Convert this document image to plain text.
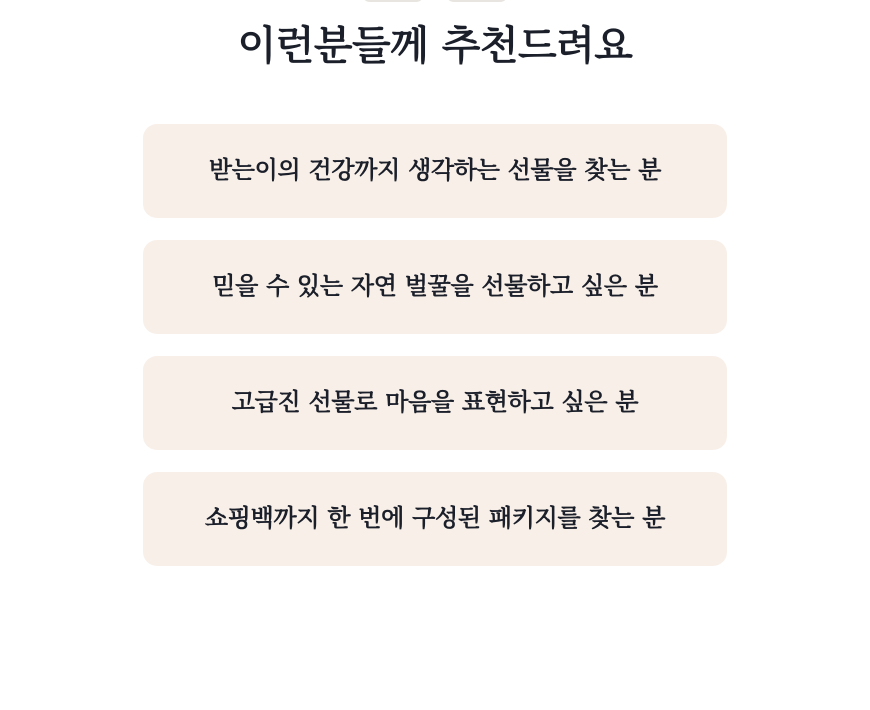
이런분들께 추천드려요
받는이의 건강까지 생각하는 선물을 찾는 분
믿을 수 있는 자연 벌꿀을 선물하고 싶은 분
고급진 선물로 마음을 표현하고 싶은 분
쇼핑백까지 한 번에 구성된 패키지를 찾는 분
